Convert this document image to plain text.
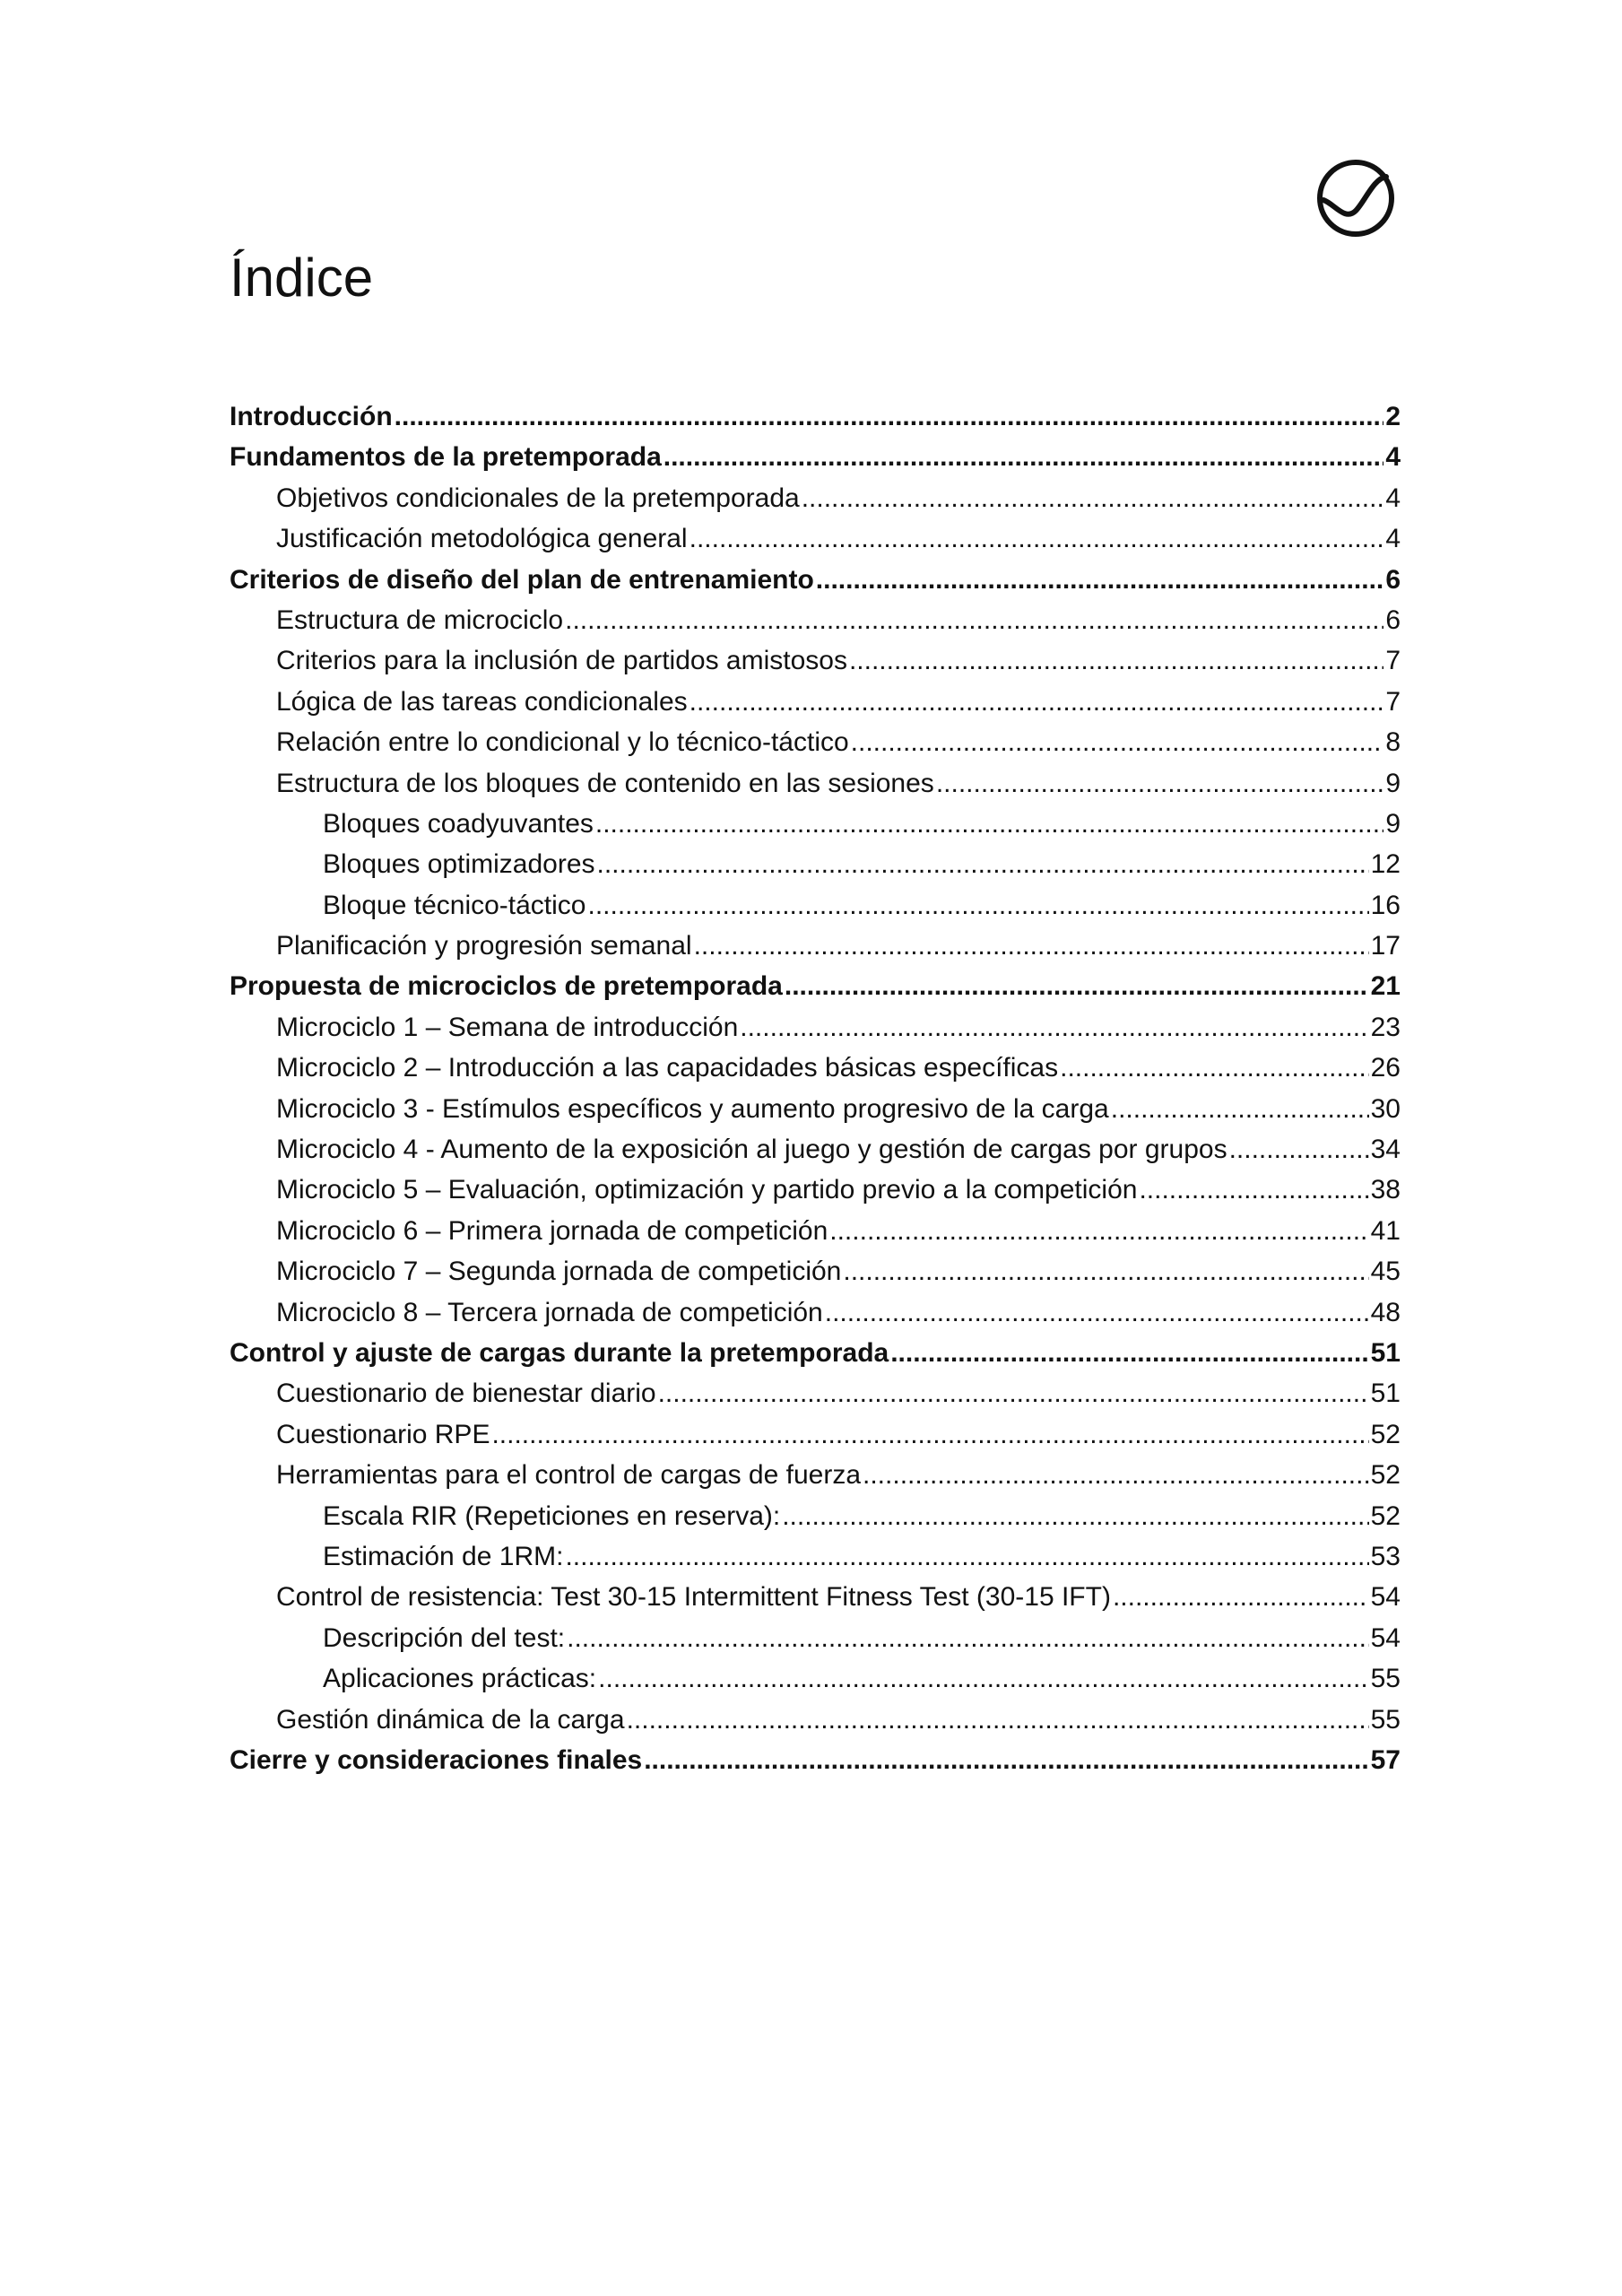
Índice
Introducción .....	2
Fundamentos de la pretemporada .....	4
Objetivos condicionales de la pretemporada .....	4
Justificación metodológica general .....	4
Criterios de diseño del plan de entrenamiento .....	6
Estructura de microciclo .....	6
Criterios para la inclusión de partidos amistosos .....	7
Lógica de las tareas condicionales .....	7
Relación entre lo condicional y lo técnico-táctico .....	8
Estructura de los bloques de contenido en las sesiones .....	9
Bloques coadyuvantes .....	9
Bloques optimizadores .....	12
Bloque técnico-táctico .....	16
Planificación y progresión semanal .....	17
Propuesta de microciclos de pretemporada .....	21
Microciclo 1 – Semana de introducción .....	23
Microciclo 2 – Introducción a las capacidades básicas específicas .....	26
Microciclo 3 - Estímulos específicos y aumento progresivo de la carga .....	30
Microciclo 4 - Aumento de la exposición al juego y gestión de cargas por grupos .....	34
Microciclo 5 – Evaluación, optimización y partido previo a la competición .....	38
Microciclo 6 – Primera jornada de competición .....	41
Microciclo 7 – Segunda jornada de competición .....	45
Microciclo 8 – Tercera jornada de competición .....	48
Control y ajuste de cargas durante la pretemporada .....	51
Cuestionario de bienestar diario .....	51
Cuestionario RPE .....	52
Herramientas para el control de cargas de fuerza .....	52
Escala RIR (Repeticiones en reserva): .....	52
Estimación de 1RM: .....	53
Control de resistencia: Test 30-15 Intermittent Fitness Test (30-15 IFT) .....	54
Descripción del test: .....	54
Aplicaciones prácticas: .....	55
Gestión dinámica de la carga .....	55
Cierre y consideraciones finales .....	57
